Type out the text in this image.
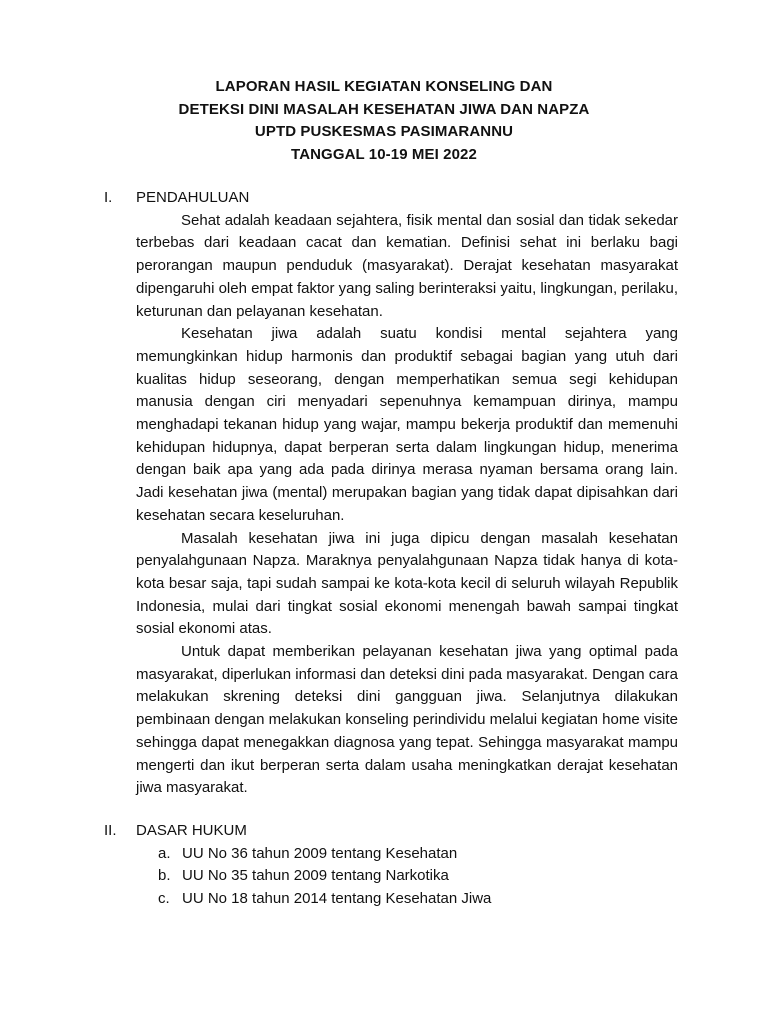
LAPORAN HASIL KEGIATAN KONSELING DAN
DETEKSI DINI MASALAH KESEHATAN JIWA DAN NAPZA
UPTD PUSKESMAS PASIMARANNU
TANGGAL 10-19 MEI 2022
I. PENDAHULUAN

Sehat adalah keadaan sejahtera, fisik mental dan sosial dan tidak sekedar terbebas dari keadaan cacat dan kematian. Definisi sehat ini berlaku bagi perorangan maupun penduduk (masyarakat). Derajat kesehatan masyarakat dipengaruhi oleh empat faktor yang saling berinteraksi yaitu, lingkungan, perilaku, keturunan dan pelayanan kesehatan.

Kesehatan jiwa adalah suatu kondisi mental sejahtera yang memungkinkan hidup harmonis dan produktif sebagai bagian yang utuh dari kualitas hidup seseorang, dengan memperhatikan semua segi kehidupan manusia dengan ciri menyadari sepenuhnya kemampuan dirinya, mampu menghadapi tekanan hidup yang wajar, mampu bekerja produktif dan memenuhi kehidupan hidupnya, dapat berperan serta dalam lingkungan hidup, menerima dengan baik apa yang ada pada dirinya merasa nyaman bersama orang lain. Jadi kesehatan jiwa (mental) merupakan bagian yang tidak dapat dipisahkan dari kesehatan secara keseluruhan.

Masalah kesehatan jiwa ini juga dipicu dengan masalah kesehatan penyalahgunaan Napza. Maraknya penyalahgunaan Napza tidak hanya di kota-kota besar saja, tapi sudah sampai ke kota-kota kecil di seluruh wilayah Republik Indonesia, mulai dari tingkat sosial ekonomi menengah bawah sampai tingkat sosial ekonomi atas.

Untuk dapat memberikan pelayanan kesehatan jiwa yang optimal pada masyarakat, diperlukan informasi dan deteksi dini pada masyarakat. Dengan cara melakukan skrening deteksi dini gangguan jiwa. Selanjutnya dilakukan pembinaan dengan melakukan konseling perindividu melalui kegiatan home visite sehingga dapat menegakkan diagnosa yang tepat. Sehingga masyarakat mampu mengerti dan ikut berperan serta dalam usaha meningkatkan derajat kesehatan jiwa masyarakat.

II. DASAR HUKUM
a. UU No 36 tahun 2009 tentang Kesehatan
b. UU No 35 tahun 2009 tentang Narkotika
c. UU No 18 tahun 2014 tentang Kesehatan Jiwa
